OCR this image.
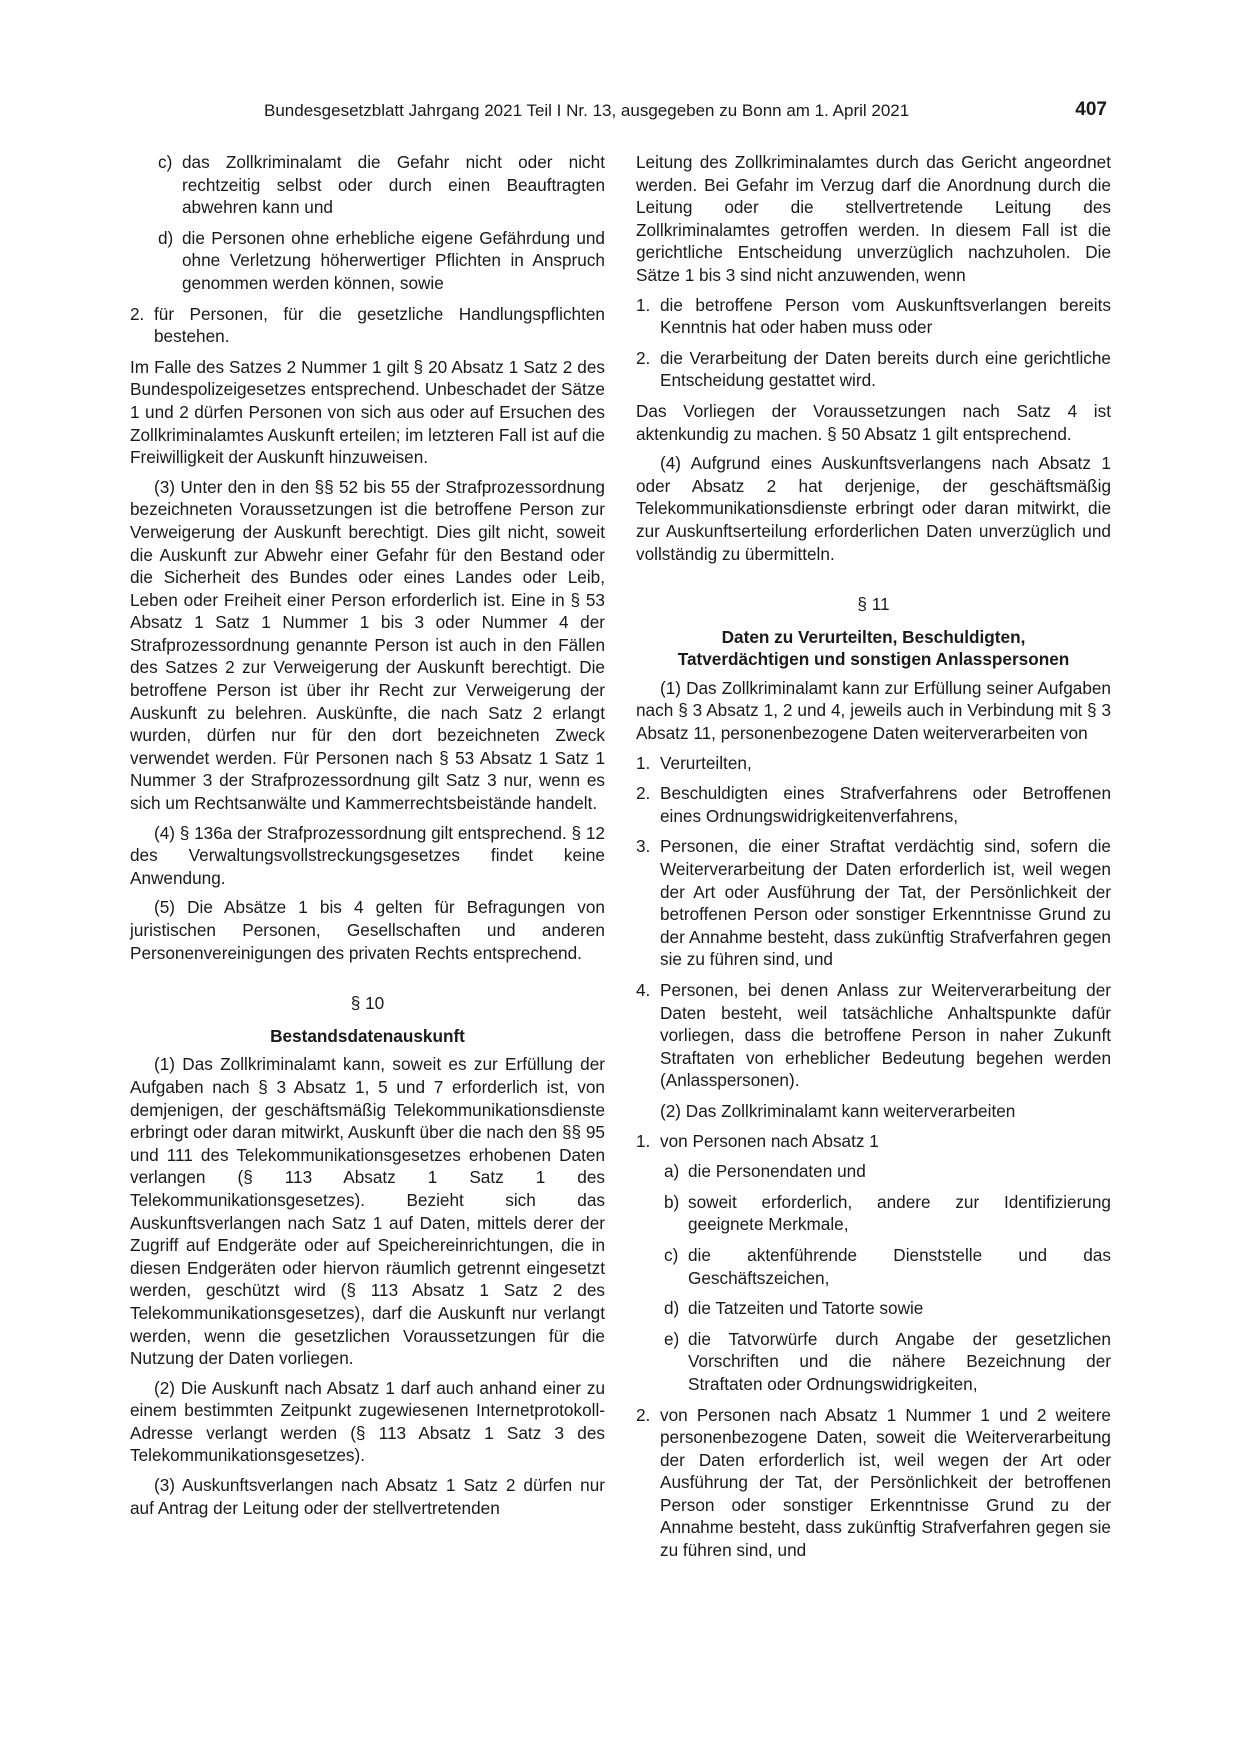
Bundesgesetzblatt Jahrgang 2021 Teil I Nr. 13, ausgegeben zu Bonn am 1. April 2021	407
c) das Zollkriminalamt die Gefahr nicht oder nicht rechtzeitig selbst oder durch einen Beauftragten abwehren kann und
d) die Personen ohne erhebliche eigene Gefährdung und ohne Verletzung höherwertiger Pflichten in Anspruch genommen werden können, sowie
2. für Personen, für die gesetzliche Handlungspflichten bestehen.

Im Falle des Satzes 2 Nummer 1 gilt § 20 Absatz 1 Satz 2 des Bundespolizeigesetzes entsprechend. Unbeschadet der Sätze 1 und 2 dürfen Personen von sich aus oder auf Ersuchen des Zollkriminalamtes Auskunft erteilen; im letzteren Fall ist auf die Freiwilligkeit der Auskunft hinzuweisen.

(3) Unter den in den §§ 52 bis 55 der Strafprozessordnung bezeichneten Voraussetzungen ist die betroffene Person zur Verweigerung der Auskunft berechtigt. Dies gilt nicht, soweit die Auskunft zur Abwehr einer Gefahr für den Bestand oder die Sicherheit des Bundes oder eines Landes oder Leib, Leben oder Freiheit einer Person erforderlich ist. Eine in § 53 Absatz 1 Satz 1 Nummer 1 bis 3 oder Nummer 4 der Strafprozessordnung genannte Person ist auch in den Fällen des Satzes 2 zur Verweigerung der Auskunft berechtigt. Die betroffene Person ist über ihr Recht zur Verweigerung der Auskunft zu belehren. Auskünfte, die nach Satz 2 erlangt wurden, dürfen nur für den dort bezeichneten Zweck verwendet werden. Für Personen nach § 53 Absatz 1 Satz 1 Nummer 3 der Strafprozessordnung gilt Satz 3 nur, wenn es sich um Rechtsanwälte und Kammerrechtsbeistände handelt.

(4) § 136a der Strafprozessordnung gilt entsprechend. § 12 des Verwaltungsvollstreckungsgesetzes findet keine Anwendung.

(5) Die Absätze 1 bis 4 gelten für Befragungen von juristischen Personen, Gesellschaften und anderen Personenvereinigungen des privaten Rechts entsprechend.

§ 10
Bestandsdatenauskunft

(1) Das Zollkriminalamt kann, soweit es zur Erfüllung der Aufgaben nach § 3 Absatz 1, 5 und 7 erforderlich ist, von demjenigen, der geschäftsmäßig Telekommunikationsdienste erbringt oder daran mitwirkt, Auskunft über die nach den §§ 95 und 111 des Telekommunikationsgesetzes erhobenen Daten verlangen (§ 113 Absatz 1 Satz 1 des Telekommunikationsgesetzes). Bezieht sich das Auskunftsverlangen nach Satz 1 auf Daten, mittels derer der Zugriff auf Endgeräte oder auf Speichereinrichtungen, die in diesen Endgeräten oder hiervon räumlich getrennt eingesetzt werden, geschützt wird (§ 113 Absatz 1 Satz 2 des Telekommunikationsgesetzes), darf die Auskunft nur verlangt werden, wenn die gesetzlichen Voraussetzungen für die Nutzung der Daten vorliegen.

(2) Die Auskunft nach Absatz 1 darf auch anhand einer zu einem bestimmten Zeitpunkt zugewiesenen Internetprotokoll-Adresse verlangt werden (§ 113 Absatz 1 Satz 3 des Telekommunikationsgesetzes).

(3) Auskunftsverlangen nach Absatz 1 Satz 2 dürfen nur auf Antrag der Leitung oder der stellvertretenden

Leitung des Zollkriminalamtes durch das Gericht angeordnet werden. Bei Gefahr im Verzug darf die Anordnung durch die Leitung oder die stellvertretende Leitung des Zollkriminalamtes getroffen werden. In diesem Fall ist die gerichtliche Entscheidung unverzüglich nachzuholen. Die Sätze 1 bis 3 sind nicht anzuwenden, wenn

1. die betroffene Person vom Auskunftsverlangen bereits Kenntnis hat oder haben muss oder
2. die Verarbeitung der Daten bereits durch eine gerichtliche Entscheidung gestattet wird.

Das Vorliegen der Voraussetzungen nach Satz 4 ist aktenkundig zu machen. § 50 Absatz 1 gilt entsprechend.

(4) Aufgrund eines Auskunftsverlangens nach Absatz 1 oder Absatz 2 hat derjenige, der geschäftsmäßig Telekommunikationsdienste erbringt oder daran mitwirkt, die zur Auskunftserteilung erforderlichen Daten unverzüglich und vollständig zu übermitteln.

§ 11
Daten zu Verurteilten, Beschuldigten,
Tatverdächtigen und sonstigen Anlasspersonen

(1) Das Zollkriminalamt kann zur Erfüllung seiner Aufgaben nach § 3 Absatz 1, 2 und 4, jeweils auch in Verbindung mit § 3 Absatz 11, personenbezogene Daten weiterverarbeiten von

1. Verurteilten,
2. Beschuldigten eines Strafverfahrens oder Betroffenen eines Ordnungswidrigkeitenverfahrens,
3. Personen, die einer Straftat verdächtig sind, sofern die Weiterverarbeitung der Daten erforderlich ist, weil wegen der Art oder Ausführung der Tat, der Persönlichkeit der betroffenen Person oder sonstiger Erkenntnisse Grund zu der Annahme besteht, dass zukünftig Strafverfahren gegen sie zu führen sind, und
4. Personen, bei denen Anlass zur Weiterverarbeitung der Daten besteht, weil tatsächliche Anhaltspunkte dafür vorliegen, dass die betroffene Person in naher Zukunft Straftaten von erheblicher Bedeutung begehen werden (Anlasspersonen).

(2) Das Zollkriminalamt kann weiterverarbeiten

1. von Personen nach Absatz 1
a) die Personendaten und
b) soweit erforderlich, andere zur Identifizierung geeignete Merkmale,
c) die aktenführende Dienststelle und das Geschäftszeichen,
d) die Tatzeiten und Tatorte sowie
e) die Tatvorwürfe durch Angabe der gesetzlichen Vorschriften und die nähere Bezeichnung der Straftaten oder Ordnungswidrigkeiten,
2. von Personen nach Absatz 1 Nummer 1 und 2 weitere personenbezogene Daten, soweit die Weiterverarbeitung der Daten erforderlich ist, weil wegen der Art oder Ausführung der Tat, der Persönlichkeit der betroffenen Person oder sonstiger Erkenntnisse Grund zu der Annahme besteht, dass zukünftig Strafverfahren gegen sie zu führen sind, und
